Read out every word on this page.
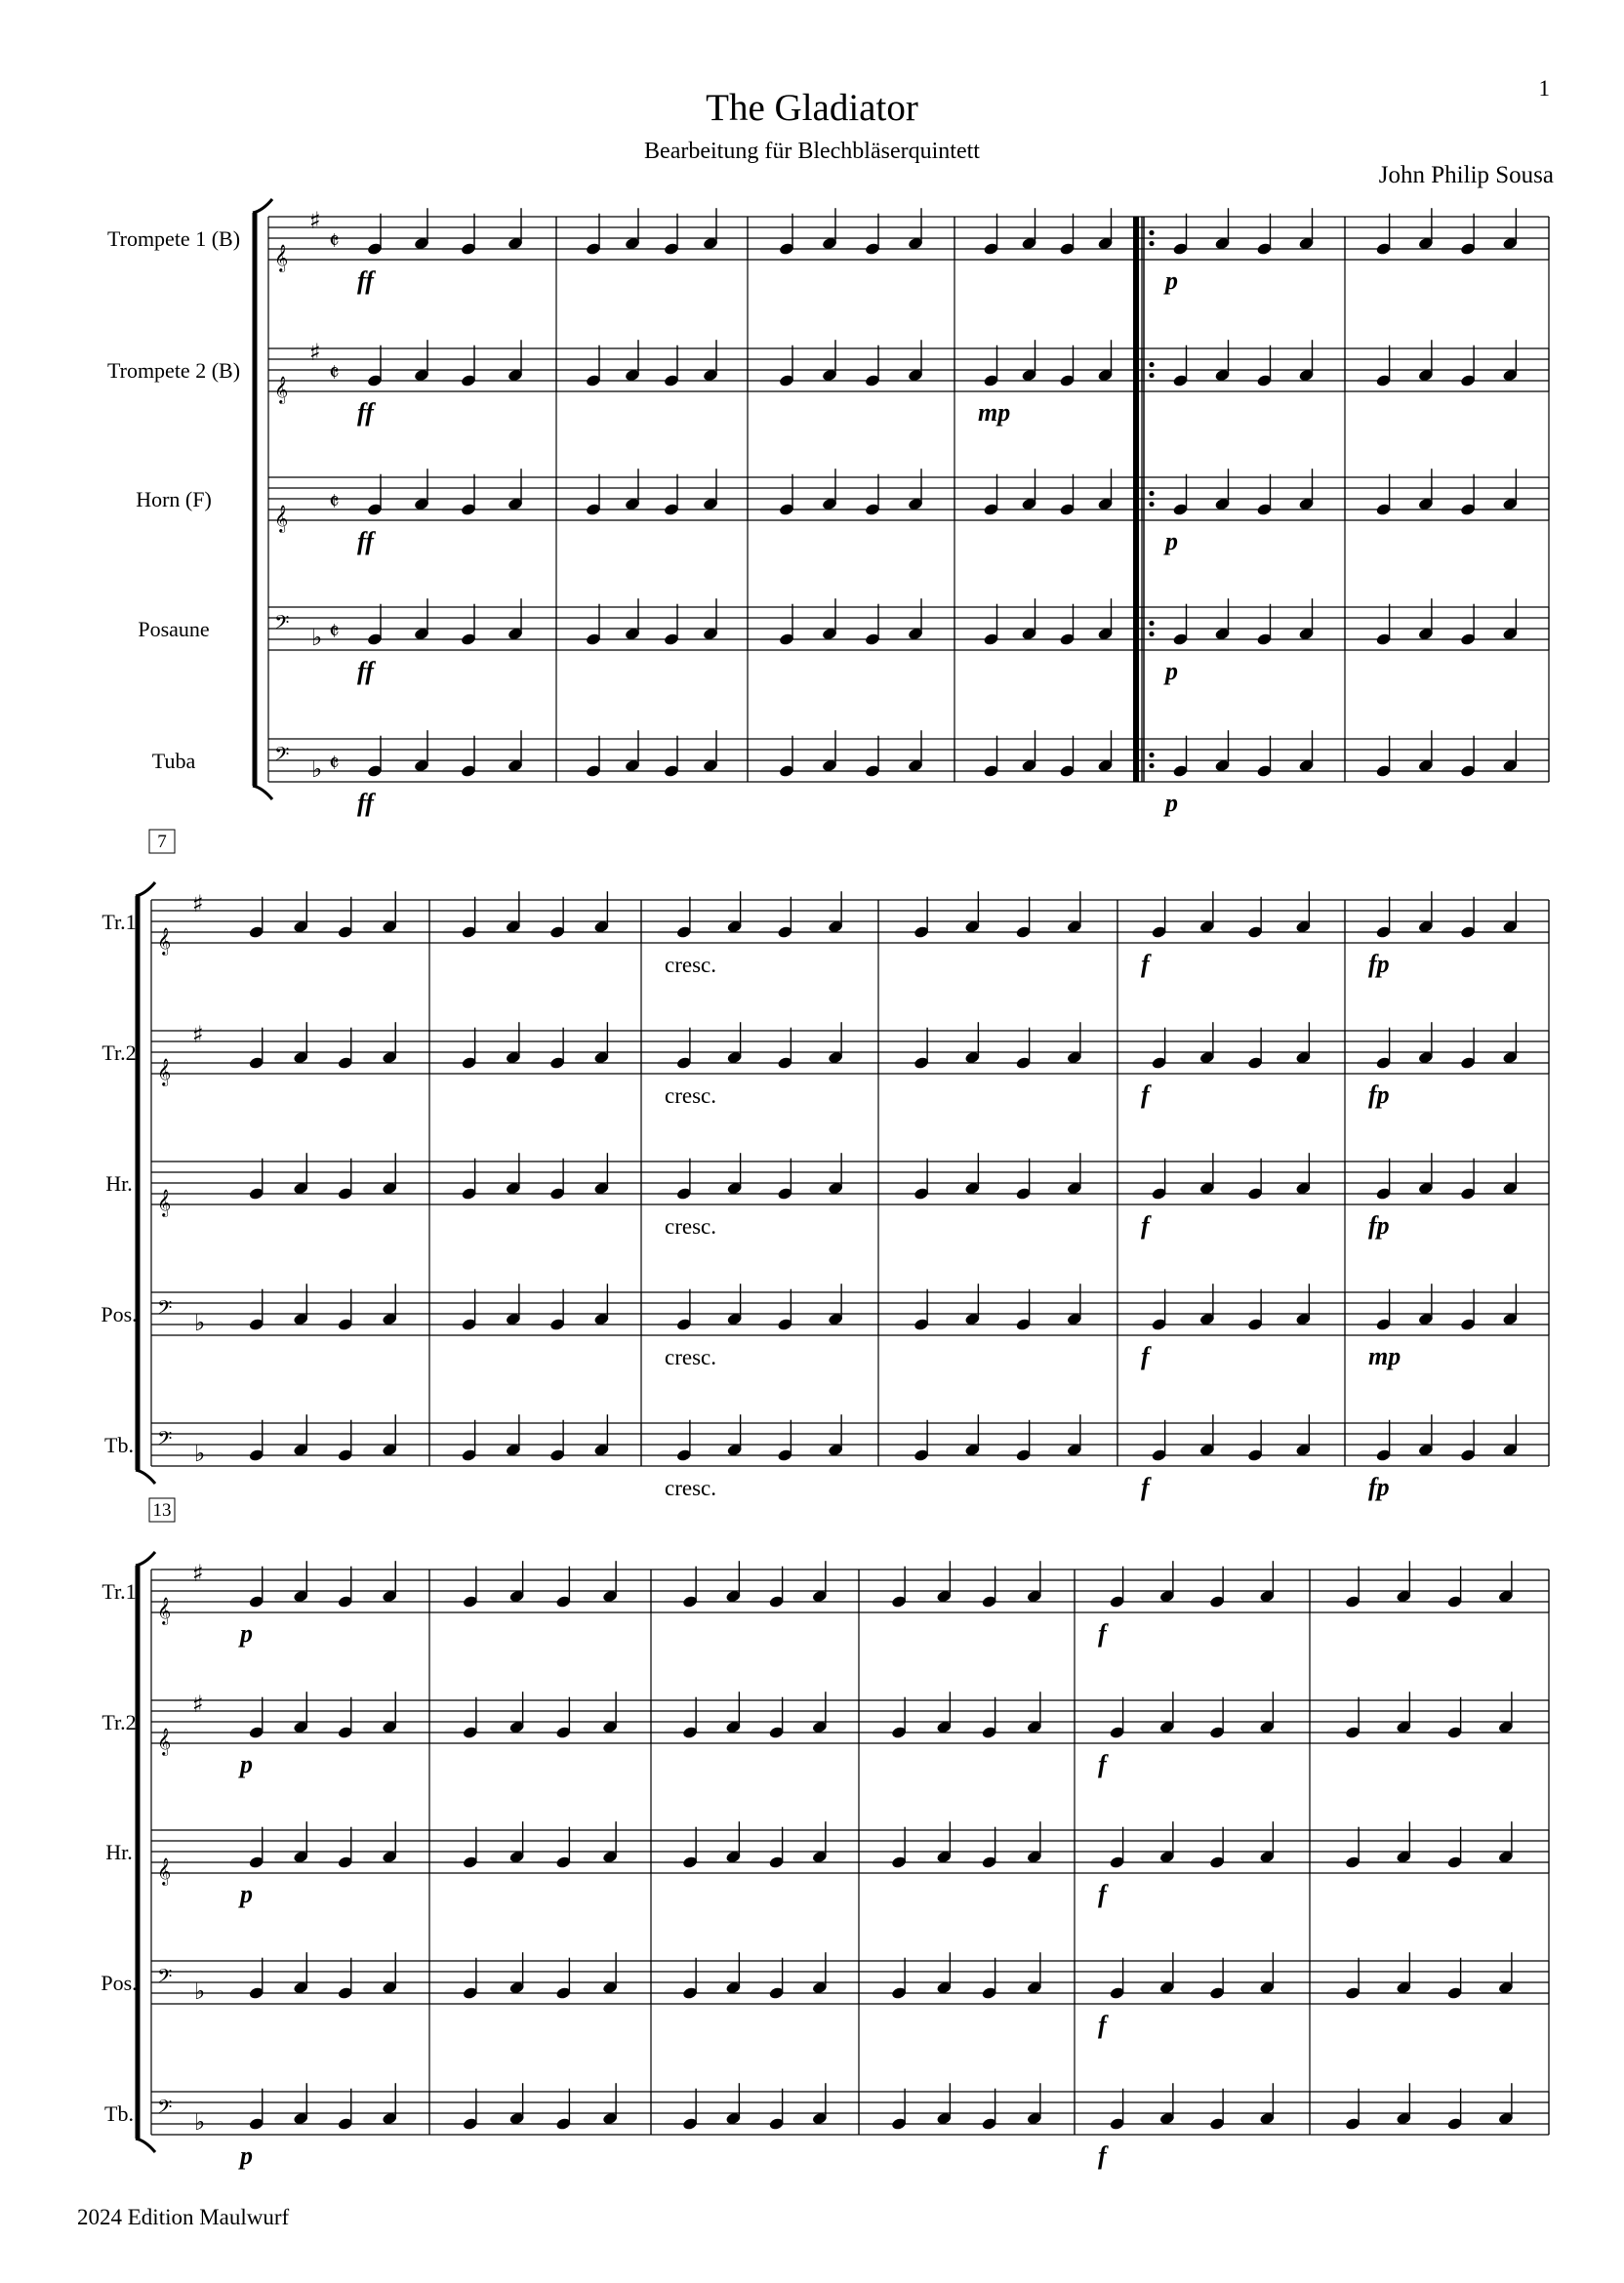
The Gladiator
Bearbeitung für Blechbläserquintett
John Philip Sousa
1
Trompete 1 (B)
𝄞
♯
𝄵
ff	p
Trompete 2 (B)
𝄞
♯
𝄵
ff	mp
Horn (F)
𝄞
𝄵
ff	p
Posaune	𝄢 ♭ 𝄵
ff	p
Tuba	𝄢 ♭ 𝄵
ff	p
7
Tr.1
𝄞
♯
cresc.	f	fp
Tr.2
𝄞
♯
cresc.	f	fp
Hr.
𝄞
cresc.	f	fp
Pos. 𝄢 ♭
cresc.	f	mp
Tb. 𝄢 ♭
cresc.	f	fp
13
Tr.1
𝄞
♯
p	f
Tr.2
𝄞
♯
p	f
Hr.
𝄞
p	f
Pos. 𝄢 ♭
f
Tb. 𝄢 ♭
p	f
2024 Edition Maulwurf
